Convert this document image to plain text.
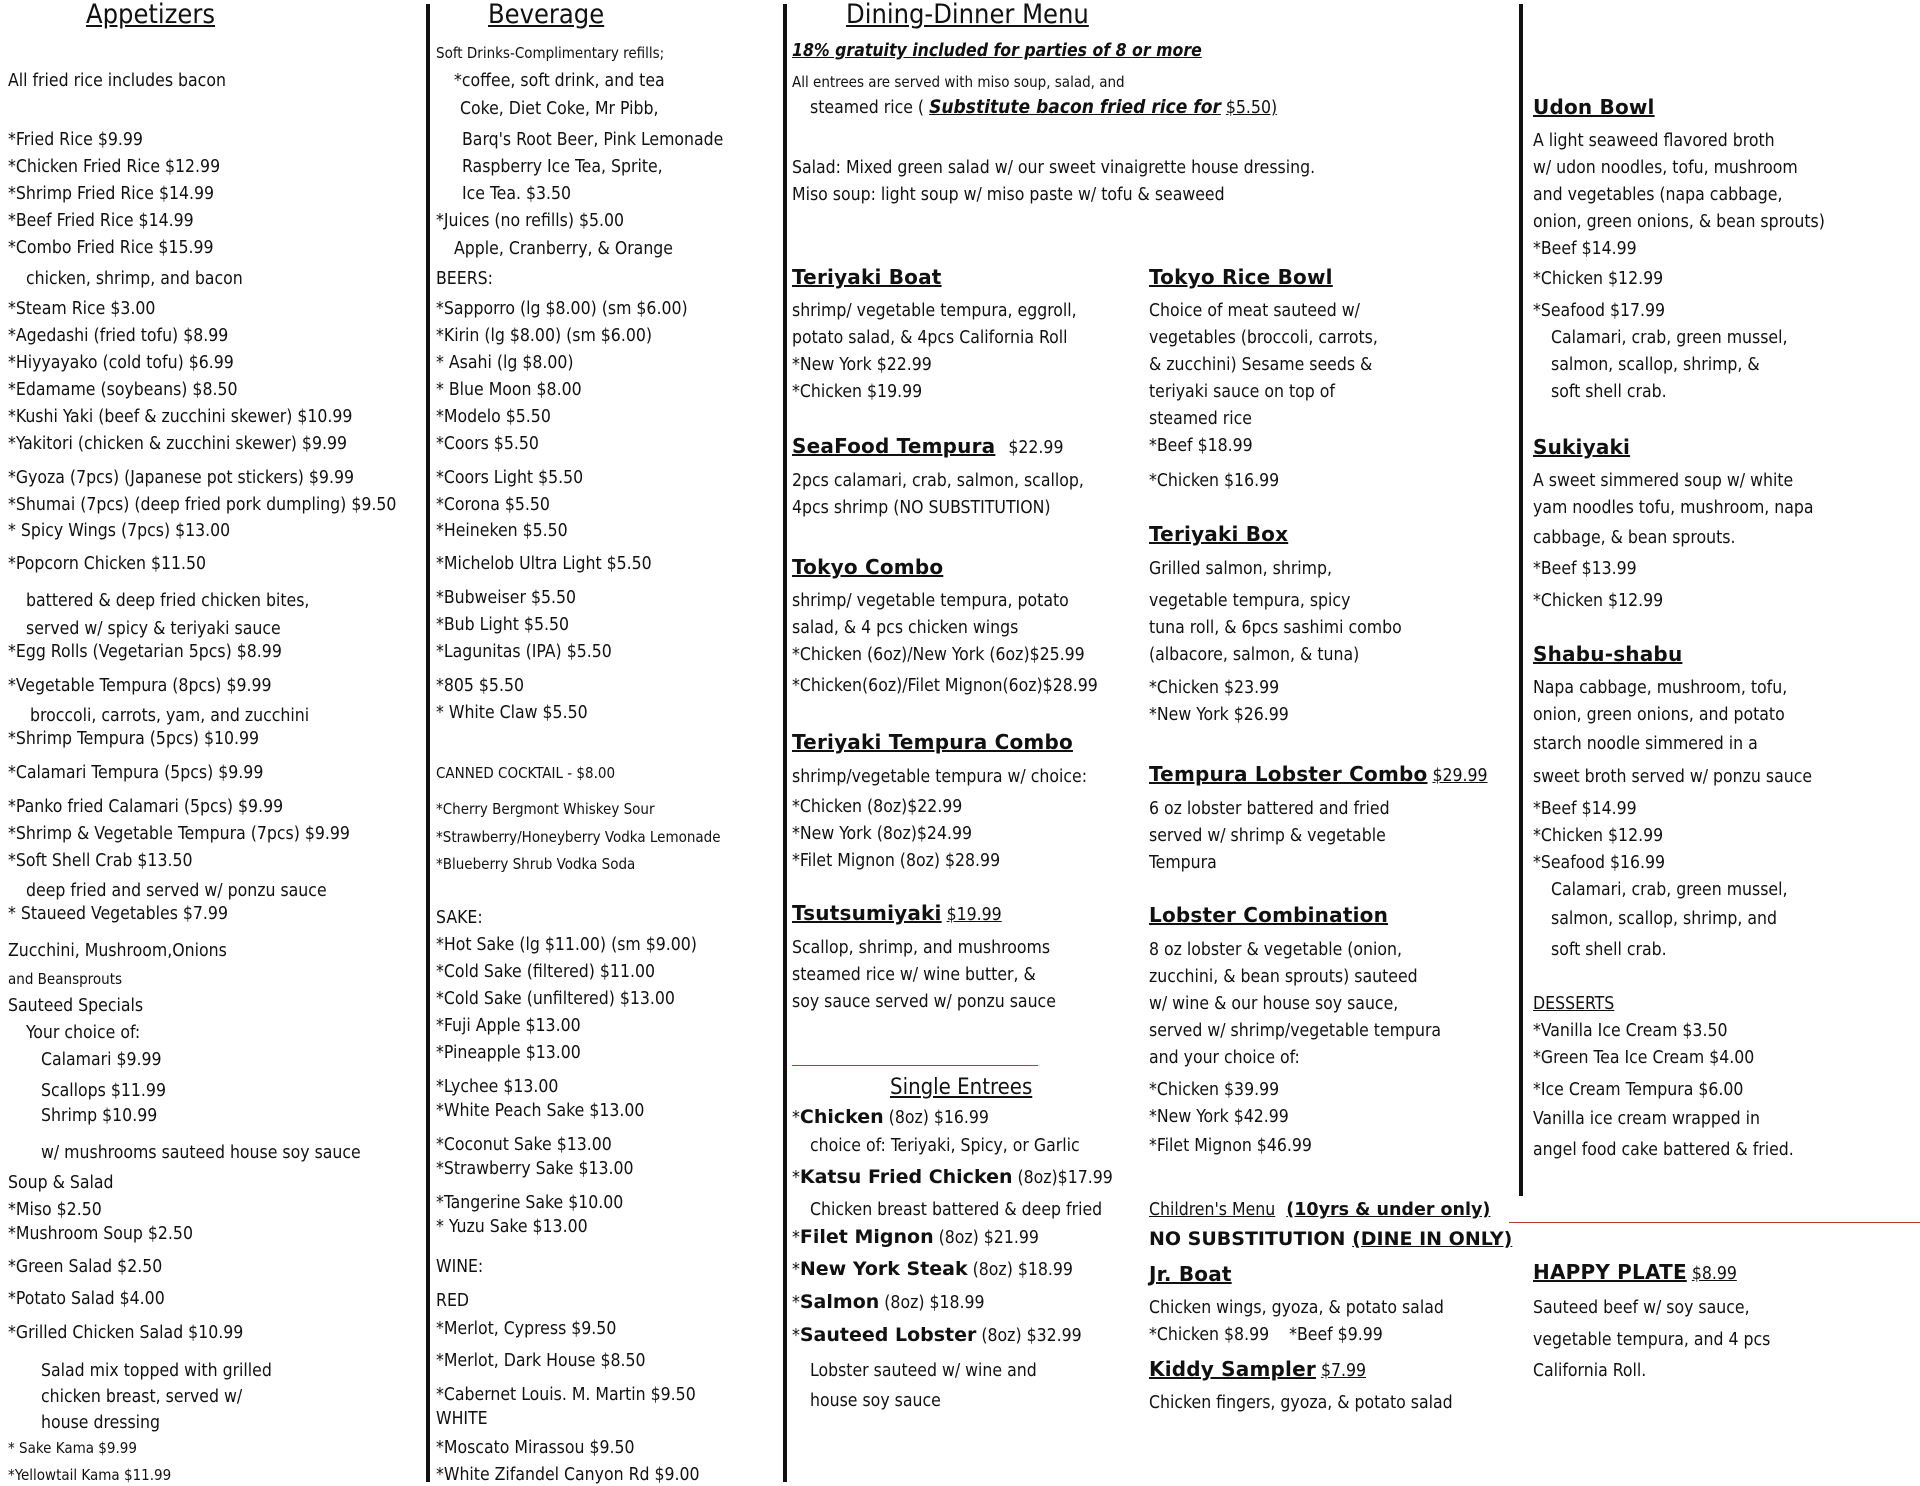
Appetizers
All fried rice includes bacon
*Fried Rice $9.99
*Chicken Fried Rice $12.99
*Shrimp Fried Rice $14.99
*Beef Fried Rice $14.99
*Combo Fried Rice $15.99
chicken, shrimp, and bacon
*Steam Rice $3.00
*Agedashi (fried tofu) $8.99
*Hiyyayako (cold tofu) $6.99
*Edamame (soybeans) $8.50
*Kushi Yaki (beef & zucchini skewer) $10.99
*Yakitori (chicken & zucchini skewer) $9.99
*Gyoza (7pcs) (Japanese pot stickers) $9.99
*Shumai (7pcs) (deep fried pork dumpling) $9.50
* Spicy Wings (7pcs) $13.00
*Popcorn Chicken $11.50
battered & deep fried chicken bites,
served w/ spicy & teriyaki sauce
*Egg Rolls (Vegetarian 5pcs) $8.99
*Vegetable Tempura (8pcs) $9.99
broccoli, carrots, yam, and zucchini
*Shrimp Tempura (5pcs) $10.99
*Calamari Tempura (5pcs) $9.99
*Panko fried Calamari (5pcs) $9.99
*Shrimp & Vegetable Tempura (7pcs) $9.99
*Soft Shell Crab $13.50
deep fried and served w/ ponzu sauce
* Staueed Vegetables $7.99
Zucchini, Mushroom,Onions
and Beansprouts
Sauteed Specials
Your choice of:
Calamari $9.99
Scallops $11.99
Shrimp $10.99
w/ mushrooms sauteed house soy sauce
Soup & Salad
*Miso $2.50
*Mushroom Soup $2.50
*Green Salad $2.50
*Potato Salad $4.00
*Grilled Chicken Salad $10.99
Salad mix topped with grilled
chicken breast, served w/
house dressing
* Sake Kama $9.99
*Yellowtail Kama $11.99
Beverage
Soft Drinks-Complimentary refills;
*coffee, soft drink, and tea
Coke, Diet Coke, Mr Pibb,
Barq's Root Beer, Pink Lemonade
Raspberry Ice Tea, Sprite,
Ice Tea. $3.50
*Juices (no refills) $5.00
Apple, Cranberry, & Orange
BEERS:
*Sapporro (lg $8.00) (sm $6.00)
*Kirin (lg $8.00) (sm $6.00)
* Asahi (lg $8.00)
* Blue Moon $8.00
*Modelo $5.50
*Coors $5.50
*Coors Light $5.50
*Corona $5.50
*Heineken $5.50
*Michelob Ultra Light $5.50
*Bubweiser $5.50
*Bub Light $5.50
*Lagunitas (IPA) $5.50
*805 $5.50
* White Claw $5.50
CANNED COCKTAIL - $8.00
*Cherry Bergmont Whiskey Sour
*Strawberry/Honeyberry Vodka Lemonade
*Blueberry Shrub Vodka Soda
SAKE:
*Hot Sake (lg $11.00) (sm $9.00)
*Cold Sake (filtered) $11.00
*Cold Sake (unfiltered) $13.00
*Fuji Apple $13.00
*Pineapple $13.00
*Lychee $13.00
*White Peach Sake $13.00
*Coconut Sake $13.00
*Strawberry Sake $13.00
*Tangerine Sake $10.00
* Yuzu Sake $13.00
WINE:
RED
*Merlot, Cypress $9.50
*Merlot, Dark House $8.50
*Cabernet Louis. M. Martin $9.50
WHITE
*Moscato Mirassou $9.50
*White Zifandel Canyon Rd $9.00
Dining-Dinner Menu
18% gratuity included for parties of 8 or more
All entrees are served with miso soup, salad, and
steamed rice ( Substitute bacon fried rice for $5.50)
Salad: Mixed green salad w/ our sweet vinaigrette house dressing.
Miso soup: light soup w/ miso paste w/ tofu & seaweed
Teriyaki Boat
shrimp/ vegetable tempura, eggroll,
potato salad, & 4pcs California Roll
*New York $22.99
*Chicken $19.99
SeaFood Tempura $22.99
2pcs calamari, crab, salmon, scallop,
4pcs shrimp (NO SUBSTITUTION)
Tokyo Combo
shrimp/ vegetable tempura, potato
salad, & 4 pcs chicken wings
*Chicken (6oz)/New York (6oz)$25.99
*Chicken(6oz)/Filet Mignon(6oz)$28.99
Teriyaki Tempura Combo
shrimp/vegetable tempura w/ choice:
*Chicken (8oz)$22.99
*New York (8oz)$24.99
*Filet Mignon (8oz) $28.99
Tsutsumiyaki $19.99
Scallop, shrimp, and mushrooms
steamed rice w/ wine butter, &
soy sauce served w/ ponzu sauce
Single Entrees
*Chicken (8oz) $16.99
choice of: Teriyaki, Spicy, or Garlic
*Katsu Fried Chicken (8oz)$17.99
Chicken breast battered & deep fried
*Filet Mignon (8oz) $21.99
*New York Steak (8oz) $18.99
*Salmon (8oz) $18.99
*Sauteed Lobster (8oz) $32.99
Lobster sauteed w/ wine and
house soy sauce
Tokyo Rice Bowl
Choice of meat sauteed w/
vegetables (broccoli, carrots,
& zucchini) Sesame seeds &
teriyaki sauce on top of
steamed rice
*Beef $18.99
*Chicken $16.99
Teriyaki Box
Grilled salmon, shrimp,
vegetable tempura, spicy
tuna roll, & 6pcs sashimi combo
(albacore, salmon, & tuna)
*Chicken $23.99
*New York $26.99
Tempura Lobster Combo $29.99
6 oz lobster battered and fried
served w/ shrimp & vegetable
Tempura
Lobster Combination
8 oz lobster & vegetable (onion,
zucchini, & bean sprouts) sauteed
w/ wine & our house soy sauce,
served w/ shrimp/vegetable tempura
and your choice of:
*Chicken $39.99
*New York $42.99
*Filet Mignon $46.99
Udon Bowl
A light seaweed flavored broth
w/ udon noodles, tofu, mushroom
and vegetables (napa cabbage,
onion, green onions, & bean sprouts)
*Beef $14.99
*Chicken $12.99
*Seafood $17.99
Calamari, crab, green mussel,
salmon, scallop, shrimp, &
soft shell crab.
Sukiyaki
A sweet simmered soup w/ white
yam noodles tofu, mushroom, napa
cabbage, & bean sprouts.
*Beef $13.99
*Chicken $12.99
Shabu-shabu
Napa cabbage, mushroom, tofu,
onion, green onions, and potato
starch noodle simmered in a
sweet broth served w/ ponzu sauce
*Beef $14.99
*Chicken $12.99
*Seafood $16.99
Calamari, crab, green mussel,
salmon, scallop, shrimp, and
soft shell crab.
DESSERTS
*Vanilla Ice Cream $3.50
*Green Tea Ice Cream $4.00
*Ice Cream Tempura $6.00
Vanilla ice cream wrapped in
angel food cake battered & fried.
Children's Menu (10yrs & under only)
NO SUBSTITUTION (DINE IN ONLY)
Jr. Boat
Chicken wings, gyoza, & potato salad
*Chicken $8.99    *Beef $9.99
Kiddy Sampler $7.99
Chicken fingers, gyoza, & potato salad
HAPPY PLATE $8.99
Sauteed beef w/ soy sauce,
vegetable tempura, and 4 pcs
California Roll.
